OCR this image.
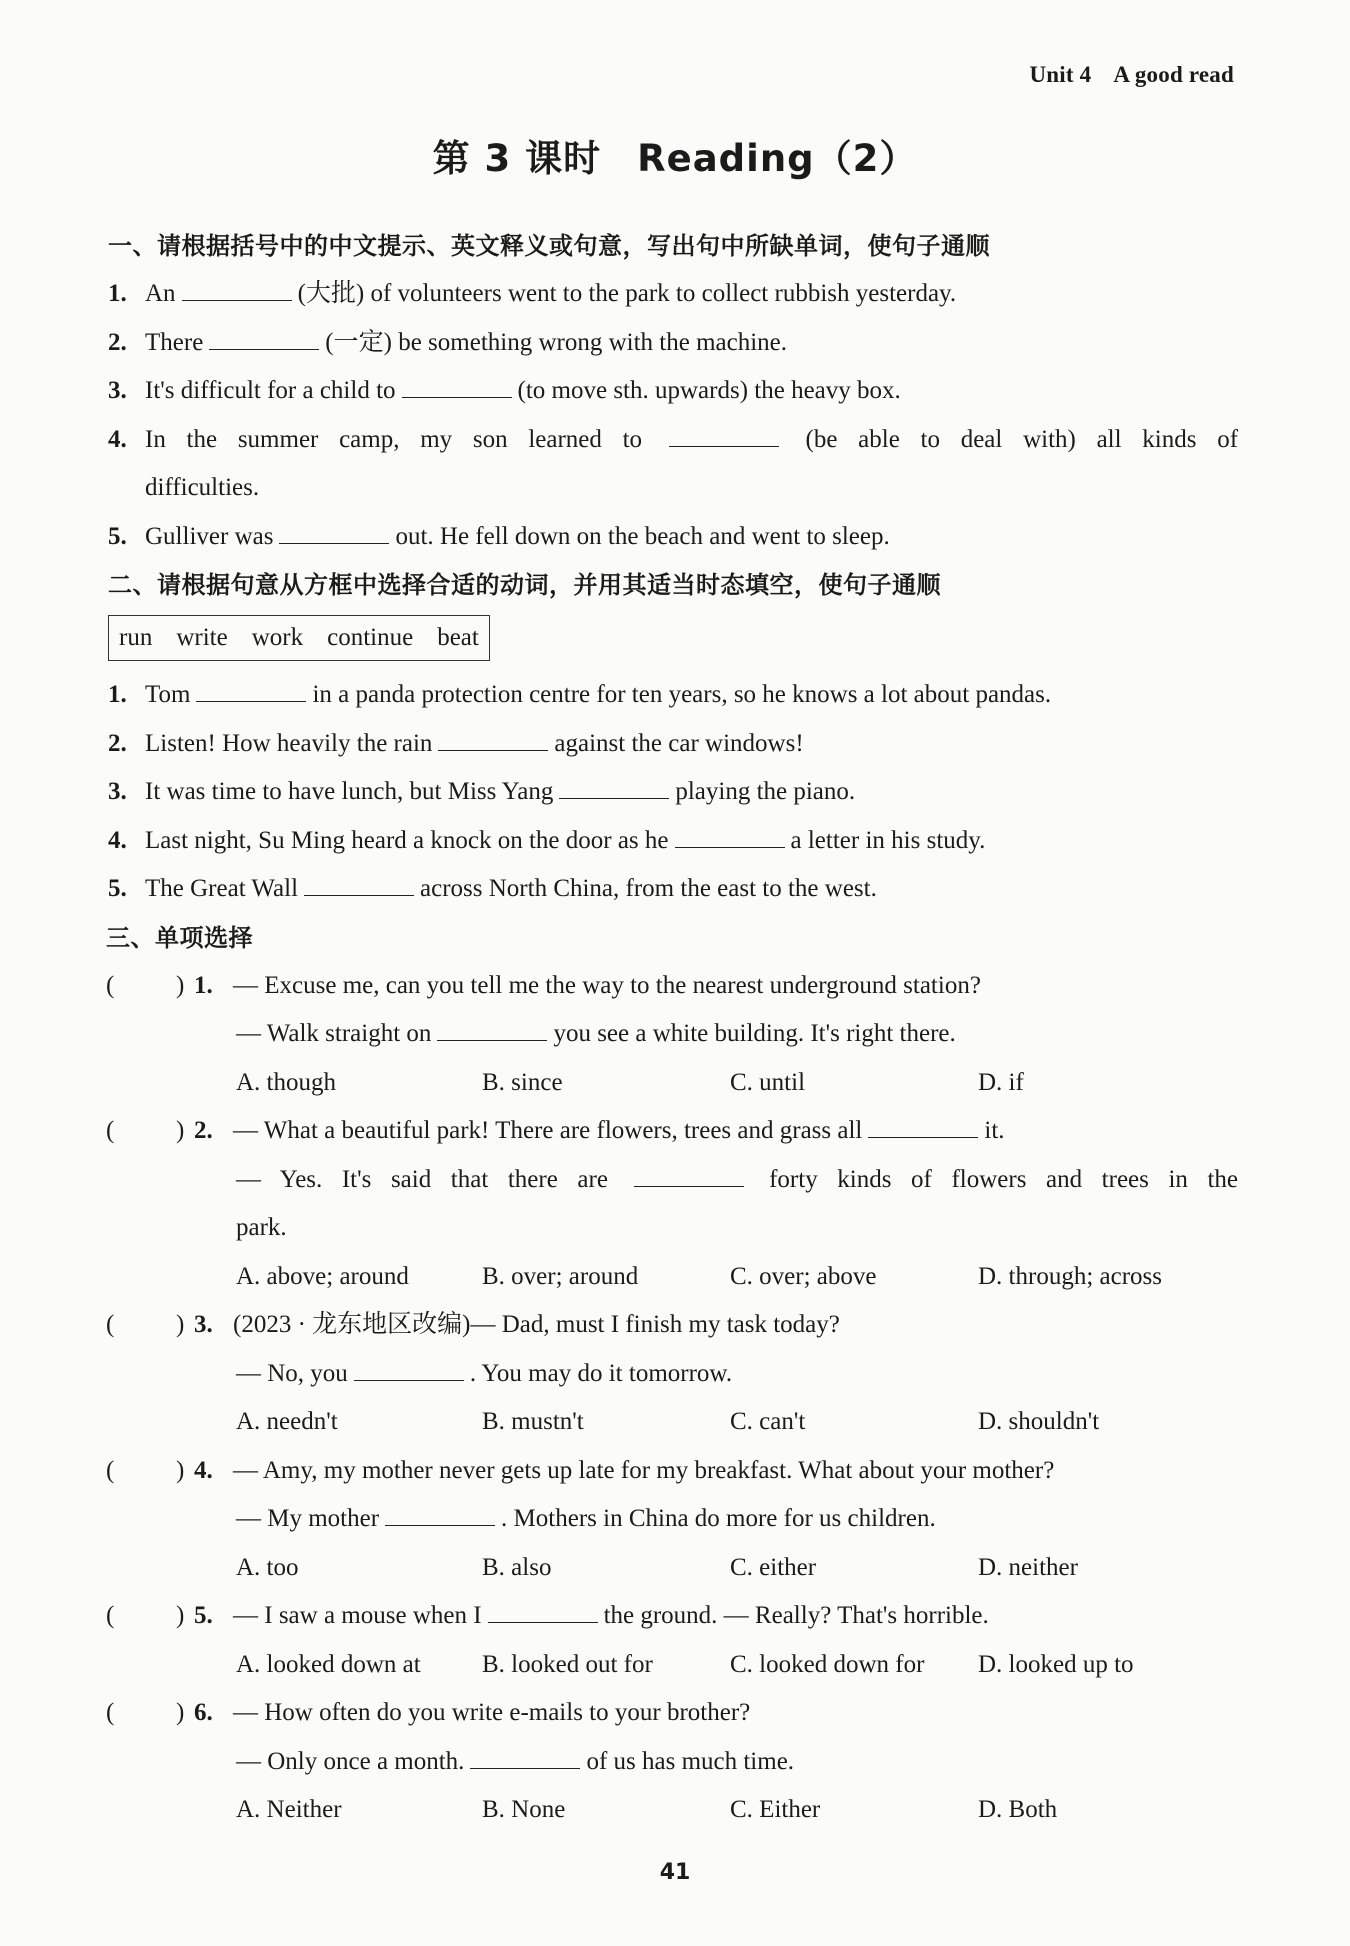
Unit 4 A good read
第 3 课时 Reading（2）
一、请根据括号中的中文提示、英文释义或句意，写出句中所缺单词，使句子通顺
1. An	(大批) of volunteers went to the park to collect rubbish yesterday.
2. There	(一定) be something wrong with the machine.
3. It's difficult for a child to	(to move sth. upwards) the heavy box.
4. In the summer camp, my son learned to	(be able to deal with) all kinds of
difficulties.
5. Gulliver was	out. He fell down on the beach and went to sleep.
二、请根据句意从方框中选择合适的动词，并用其适当时态填空，使句子通顺
run write work continue beat
1. Tom	in a panda protection centre for ten years, so he knows a lot about pandas.
2. Listen! How heavily the rain	against the car windows!
3. It was time to have lunch, but Miss Yang	playing the piano.
4. Last night, Su Ming heard a knock on the door as he	a letter in his study.
5. The Great Wall	across North China, from the east to the west.
三、单项选择
( ) 1. — Excuse me, can you tell me the way to the nearest underground station?
— Walk straight on	you see a white building. It's right there.
A. though	B. since	C. until	D. if
( ) 2. — What a beautiful park! There are flowers, trees and grass all	it.
— Yes. It's said that there are	forty kinds of flowers and trees in the
park.
A. above; around	B. over; around	C. over; above	D. through; across
( ) 3. (2023 · 龙东地区改编)— Dad, must I finish my task today?
— No, you	. You may do it tomorrow.
A. needn't	B. mustn't	C. can't	D. shouldn't
( ) 4. — Amy, my mother never gets up late for my breakfast. What about your mother?
— My mother	. Mothers in China do more for us children.
A. too	B. also	C. either	D. neither
( ) 5. — I saw a mouse when I	the ground. — Really? That's horrible.
A. looked down at B. looked out for	C. looked down for D. looked up to
( ) 6. — How often do you write e-mails to your brother?
— Only once a month.	of us has much time.
A. Neither	B. None	C. Either	D. Both
41
